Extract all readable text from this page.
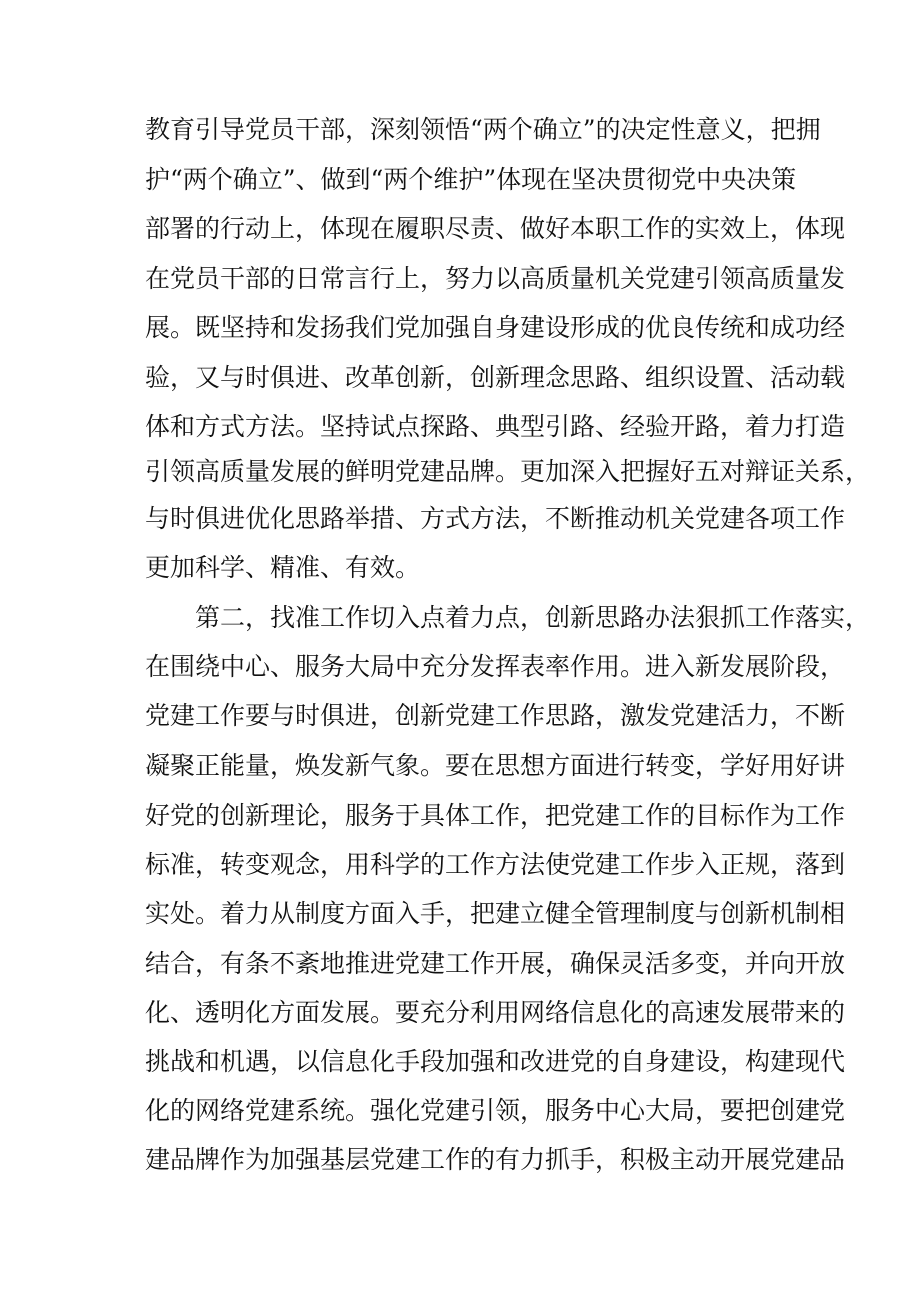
教育引导党员干部，深刻领悟“两个确立”的决定性意义，把拥
护“两个确立”、做到“两个维护”体现在坚决贯彻党中央决策
部署的行动上，体现在履职尽责、做好本职工作的实效上，体现
在党员干部的日常言行上，努力以高质量机关党建引领高质量发
展。既坚持和发扬我们党加强自身建设形成的优良传统和成功经
验，又与时俱进、改革创新，创新理念思路、组织设置、活动载
体和方式方法。坚持试点探路、典型引路、经验开路，着力打造
引领高质量发展的鲜明党建品牌。更加深入把握好五对辩证关系，
与时俱进优化思路举措、方式方法，不断推动机关党建各项工作
更加科学、精准、有效。
　　第二，找准工作切入点着力点，创新思路办法狠抓工作落实，
在围绕中心、服务大局中充分发挥表率作用。进入新发展阶段，
党建工作要与时俱进，创新党建工作思路，激发党建活力，不断
凝聚正能量，焕发新气象。要在思想方面进行转变，学好用好讲
好党的创新理论，服务于具体工作，把党建工作的目标作为工作
标准，转变观念，用科学的工作方法使党建工作步入正规，落到
实处。着力从制度方面入手，把建立健全管理制度与创新机制相
结合，有条不紊地推进党建工作开展，确保灵活多变，并向开放
化、透明化方面发展。要充分利用网络信息化的高速发展带来的
挑战和机遇，以信息化手段加强和改进党的自身建设，构建现代
化的网络党建系统。强化党建引领，服务中心大局，要把创建党
建品牌作为加强基层党建工作的有力抓手，积极主动开展党建品
